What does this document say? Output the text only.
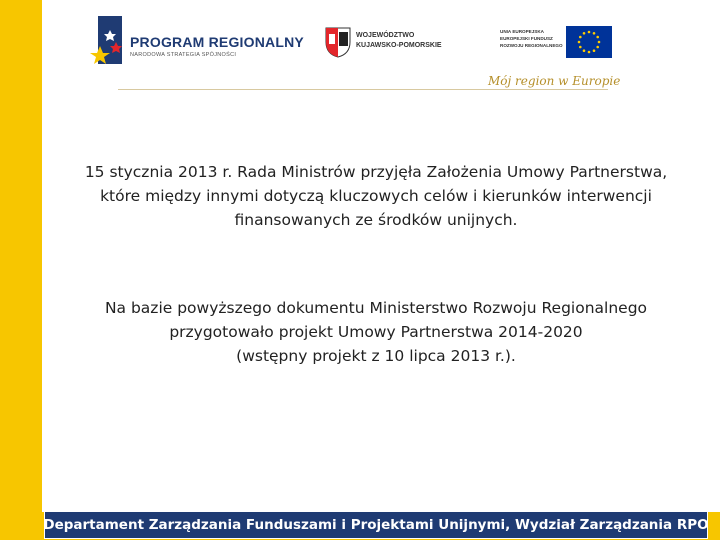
PROGRAM REGIONALNY
NARODOWA STRATEGIA SPÓJNOŚCI
WOJEWÓDZTWO
KUJAWSKO-POMORSKIE
UNIA EUROPEJSKA
EUROPEJSKI FUNDUSZ
ROZWOJU REGIONALNEGO
Mój region w Europie
15 stycznia 2013 r. Rada Ministrów przyjęła Założenia Umowy Partnerstwa,
które między innymi dotyczą kluczowych celów i kierunków interwencji
finansowanych ze środków unijnych.
Na bazie powyższego dokumentu Ministerstwo Rozwoju Regionalnego
przygotowało projekt Umowy Partnerstwa 2014-2020
(wstępny projekt z 10 lipca 2013 r.).
Departament Zarządzania Funduszami i Projektami Unijnymi, Wydział Zarządzania RPO
